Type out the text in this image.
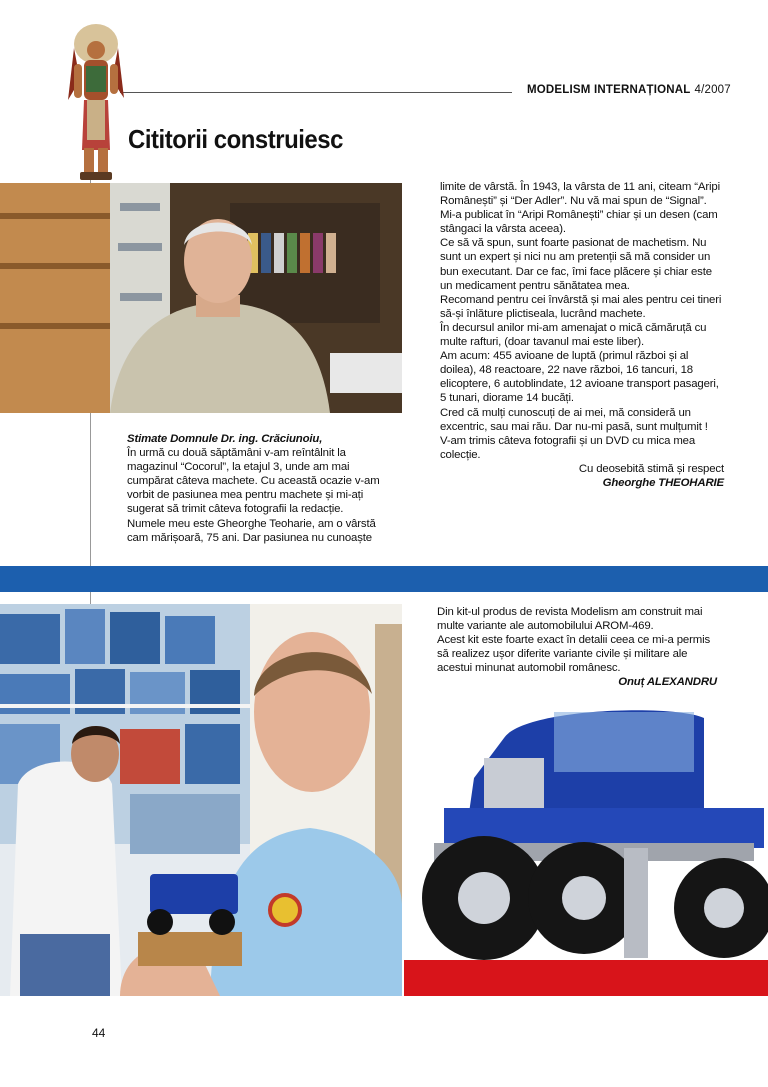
MODELISM INTERNAȚIONAL 4/2007
Cititorii construiesc

Stimate Domnule Dr. ing. Crăciunoiu,

În urmă cu două săptămâni v-am reîntâlnit la magazinul “Cocorul”, la etajul 3, unde am mai cumpărat câteva machete. Cu această ocazie v-am vorbit de pasiunea mea pentru machete și mi-ați sugerat să trimit câteva fotografii la redacție.

Numele meu este Gheorghe Teoharie, am o vârstă cam mărișoară, 75 ani. Dar pasiunea nu cunoaște

limite de vârstă. În 1943, la vârsta de 11 ani, citeam “Aripi Românești” și “Der Adler”. Nu vă mai spun de “Signal”.

Mi-a publicat în “Aripi Românești” chiar și un desen (cam stângaci la vârsta aceea).

Ce să vă spun, sunt foarte pasionat de machetism. Nu sunt un expert și nici nu am pretenții să mă consider un bun executant. Dar ce fac, îmi face plăcere și chiar este un medicament pentru sănătatea mea.

Recomand pentru cei învârstă și mai ales pentru cei tineri să-și înlăture plictiseala, lucrând machete.

În decursul anilor mi-am amenajat o mică cămăruță cu multe rafturi, (doar tavanul mai este liber).

Am acum: 455 avioane de luptă (primul război și al doilea), 48 reactoare, 22 nave război, 16 tancuri, 18 elicoptere, 6 autoblindate, 12 avioane transport pasageri, 5 tunari, diorame 14 bucăți.

Cred că mulți cunoscuți de ai mei, mă consideră un excentric, sau mai rău. Dar nu-mi pasă, sunt mulțumit !

V-am trimis câteva fotografii și un DVD cu mica mea colecție.

Cu deosebită stimă și respect

Gheorghe THEOHARIE

Din kit-ul produs de revista Modelism am construit mai multe variante ale automobilului AROM-469.

Acest kit este foarte exact în detalii ceea ce mi-a permis să realizez ușor diferite variante civile și militare ale acestui minunat automobil românesc.

Onuț ALEXANDRU

44
